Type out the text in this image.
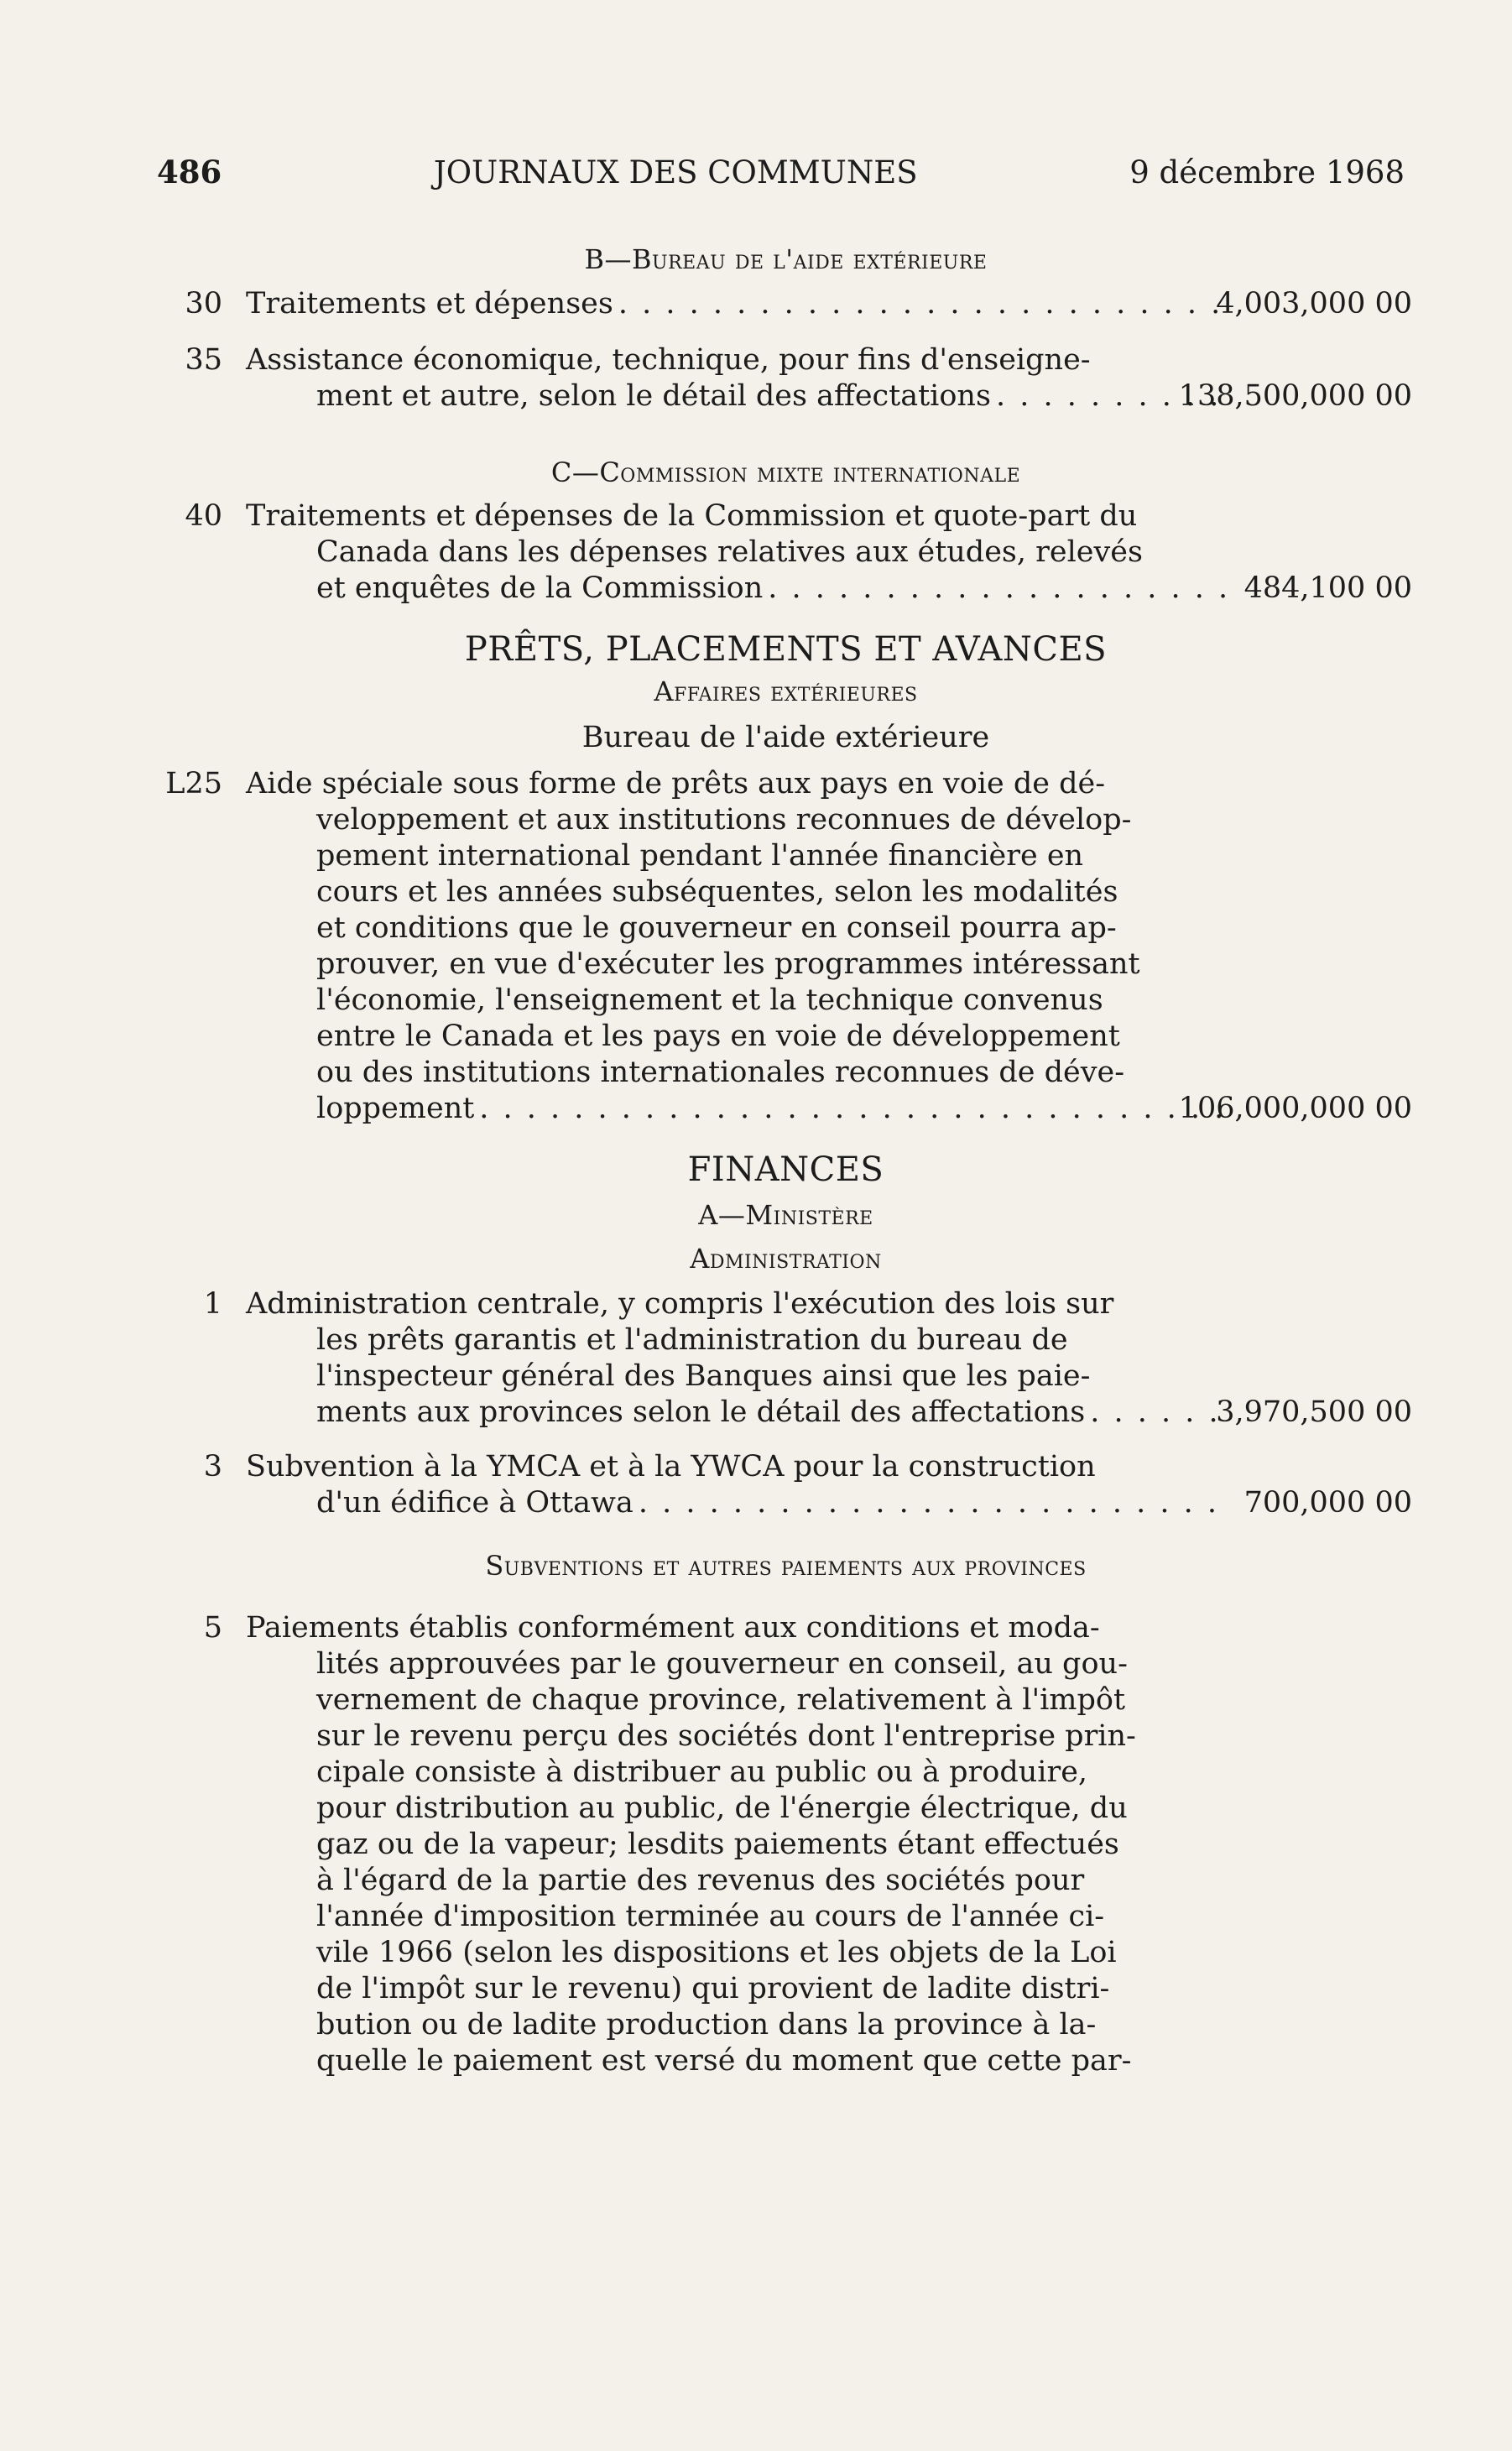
486	JOURNAUX DES COMMUNES	9 décembre 1968
B—Bureau de l'aide extérieure
30 Traitements et dépenses . . .	4,003,000 00
35 Assistance économique, technique, pour fins d'enseigne-
ment et autre, selon le détail des affectations . . .	138,500,000 00
C—Commission mixte internationale
40 Traitements et dépenses de la Commission et quote-part du
Canada dans les dépenses relatives aux études, relevés
et enquêtes de la Commission . . .	484,100 00
PRÊTS, PLACEMENTS ET AVANCES
Affaires extérieures
Bureau de l'aide extérieure
L25 Aide spéciale sous forme de prêts aux pays en voie de dé-
veloppement et aux institutions reconnues de dévelop-
pement international pendant l'année financière en
cours et les années subséquentes, selon les modalités
et conditions que le gouverneur en conseil pourra ap-
prouver, en vue d'exécuter les programmes intéressant
l'économie, l'enseignement et la technique convenus
entre le Canada et les pays en voie de développement
ou des institutions internationales reconnues de déve-
loppement . . .	106,000,000 00
FINANCES
A—Ministère
Administration
1 Administration centrale, y compris l'exécution des lois sur
les prêts garantis et l'administration du bureau de
l'inspecteur général des Banques ainsi que les paie-
ments aux provinces selon le détail des affectations . . .	3,970,500 00
3 Subvention à la YMCA et à la YWCA pour la construction
d'un édifice à Ottawa . . .	700,000 00
Subventions et autres paiements aux provinces
5 Paiements établis conformément aux conditions et moda-
lités approuvées par le gouverneur en conseil, au gou-
vernement de chaque province, relativement à l'impôt
sur le revenu perçu des sociétés dont l'entreprise prin-
cipale consiste à distribuer au public ou à produire,
pour distribution au public, de l'énergie électrique, du
gaz ou de la vapeur; lesdits paiements étant effectués
à l'égard de la partie des revenus des sociétés pour
l'année d'imposition terminée au cours de l'année ci-
vile 1966 (selon les dispositions et les objets de la Loi
de l'impôt sur le revenu) qui provient de ladite distri-
bution ou de ladite production dans la province à la-
quelle le paiement est versé du moment que cette par-
